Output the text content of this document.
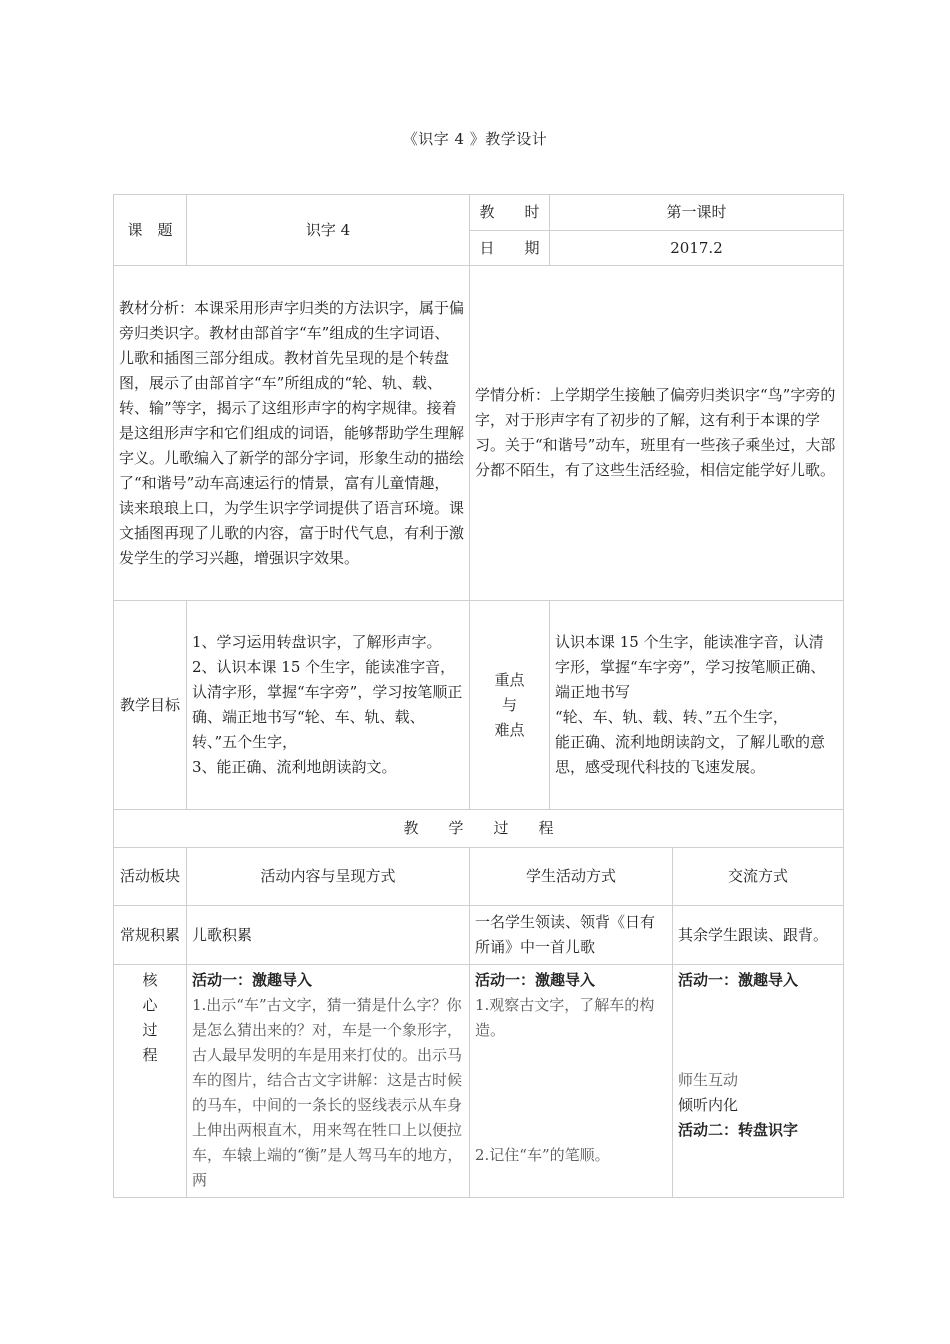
《识字 4 》教学设计
课　题	识字 4	教　　时	第一课时	
		日　　期	2017.2	
教材分析：本课采用形声字归类的方法识字，属于偏旁归类识字。教材由部首字“车”组成的生字词语、儿歌和插图三部分组成。教材首先呈现的是个转盘图，展示了由部首字“车”所组成的“轮、轨、载、转、输”等字，揭示了这组形声字的构字规律。接着是这组形声字和它们组成的词语，能够帮助学生理解字义。儿歌编入了新学的部分字词，形象生动的描绘了“和谐号”动车高速运行的情景，富有儿童情趣，读来琅琅上口，为学生识字学词提供了语言环境。课文插图再现了儿歌的内容，富于时代气息，有利于激发学生的学习兴趣，增强识字效果。		学情分析：上学期学生接触了偏旁归类识字“鸟”字旁的字，对于形声字有了初步的了解，这有利于本课的学习。关于“和谐号”动车，班里有一些孩子乘坐过，大部分都不陌生，有了这些生活经验，相信定能学好儿歌。		
教学目标	1、学习运用转盘识字，了解形声字。
2、认识本课 15 个生字，能读准字音，认清字形，掌握“车字旁”，学习按笔顺正确、端正地书写“轮、车、轨、载、转、”五个生字，
3、能正确、流利地朗读韵文。	重点
与
难点	认识本课 15 个生字，能读准字音，认清字形，掌握“车字旁”，学习按笔顺正确、端正地书写
“轮、车、轨、载、转、”五个生字，
能正确、流利地朗读韵文，了解儿歌的意思，感受现代科技的飞速发展。	

教　　学　　过　　程				
活动板块	活动内容与呈现方式	学生活动方式		交流方式
常规积累	儿歌积累	一名学生领读、领背《日有所诵》中一首儿歌		其余学生跟读、跟背。

核
心
过
程	活动一：激趣导入
1.出示“车”古文字，猜一猜是什么字？你是怎么猜出来的？对，车是一个象形字，古人最早发明的车是用来打仗的。出示马车的图片，结合古文字讲解：这是古时候的马车，中间的一条长的竖线表示从车身上伸出两根直木，用来驾在牲口上以便拉车，车辕上端的“衡”是人驾马车的地方，两	活动一：激趣导入
1.观察古文字，了解车的构造。
2.记住“车”的笔顺。		活动一：激趣导入
师生互动
倾听内化
活动二：转盘识字
